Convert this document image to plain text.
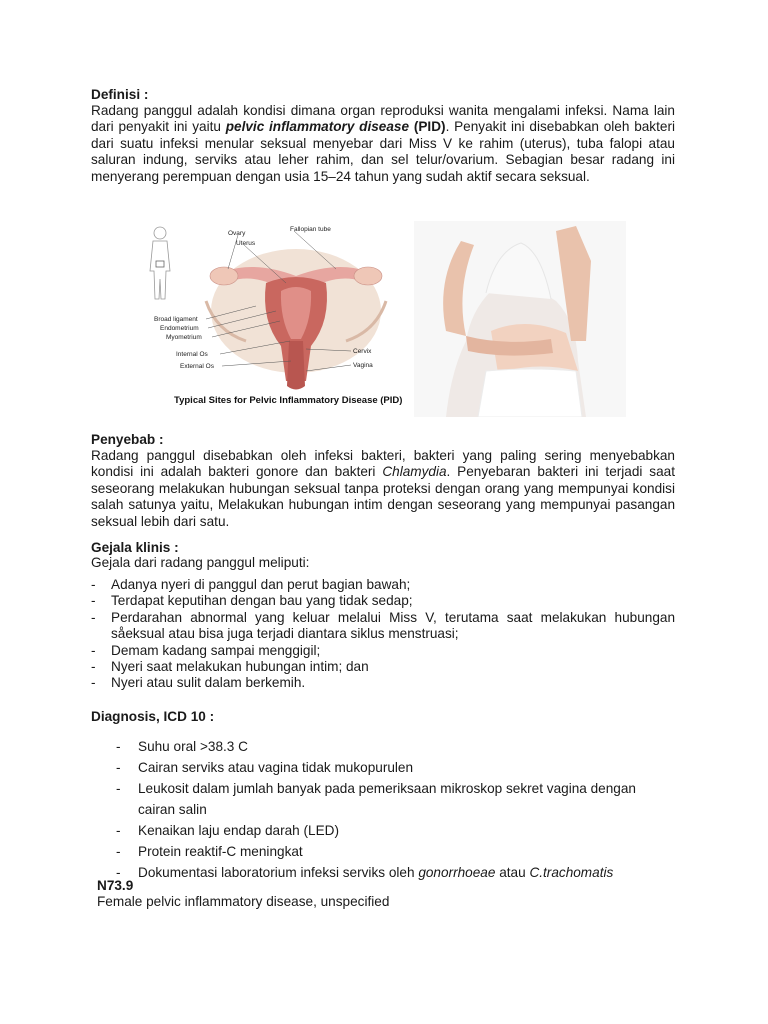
Definisi :

Radang panggul adalah kondisi dimana organ reproduksi wanita mengalami infeksi. Nama lain dari penyakit ini yaitu pelvic inflammatory disease (PID). Penyakit ini disebabkan oleh bakteri dari suatu infeksi menular seksual menyebar dari Miss V ke rahim (uterus), tuba falopi atau saluran indung, serviks atau leher rahim, dan sel telur/ovarium. Sebagian besar radang ini menyerang perempuan dengan usia 15–24 tahun yang sudah aktif secara seksual.

Ovary
Fallopian tube
Uterus
Broad ligament
Endometrium
Myometrium
Internal Os
External Os
Cervix
Vagina
Typical Sites for Pelvic Inflammatory Disease (PID)

Penyebab :

Radang panggul disebabkan oleh infeksi bakteri, bakteri yang paling sering menyebabkan kondisi ini adalah bakteri gonore dan bakteri Chlamydia. Penyebaran bakteri ini terjadi saat seseorang melakukan hubungan seksual tanpa proteksi dengan orang yang mempunyai kondisi salah satunya yaitu, Melakukan hubungan intim dengan seseorang yang mempunyai pasangan seksual lebih dari satu.

Gejala klinis :

Gejala dari radang panggul meliputi:

- Adanya nyeri di panggul dan perut bagian bawah;
- Terdapat keputihan dengan bau yang tidak sedap;
- Perdarahan abnormal yang keluar melalui Miss V, terutama saat melakukan hubungan såeksual atau bisa juga terjadi diantara siklus menstruasi;
- Demam kadang sampai menggigil;
- Nyeri saat melakukan hubungan intim; dan
- Nyeri atau sulit dalam berkemih.

Diagnosis, ICD 10 :

- Suhu oral >38.3 C
- Cairan serviks atau vagina tidak mukopurulen
- Leukosit dalam jumlah banyak pada pemeriksaan mikroskop sekret vagina dengan cairan salin
- Kenaikan laju endap darah (LED)
- Protein reaktif-C meningkat
- Dokumentasi laboratorium infeksi serviks oleh gonorrhoeae atau C.trachomatis

N73.9

Female pelvic inflammatory disease, unspecified
